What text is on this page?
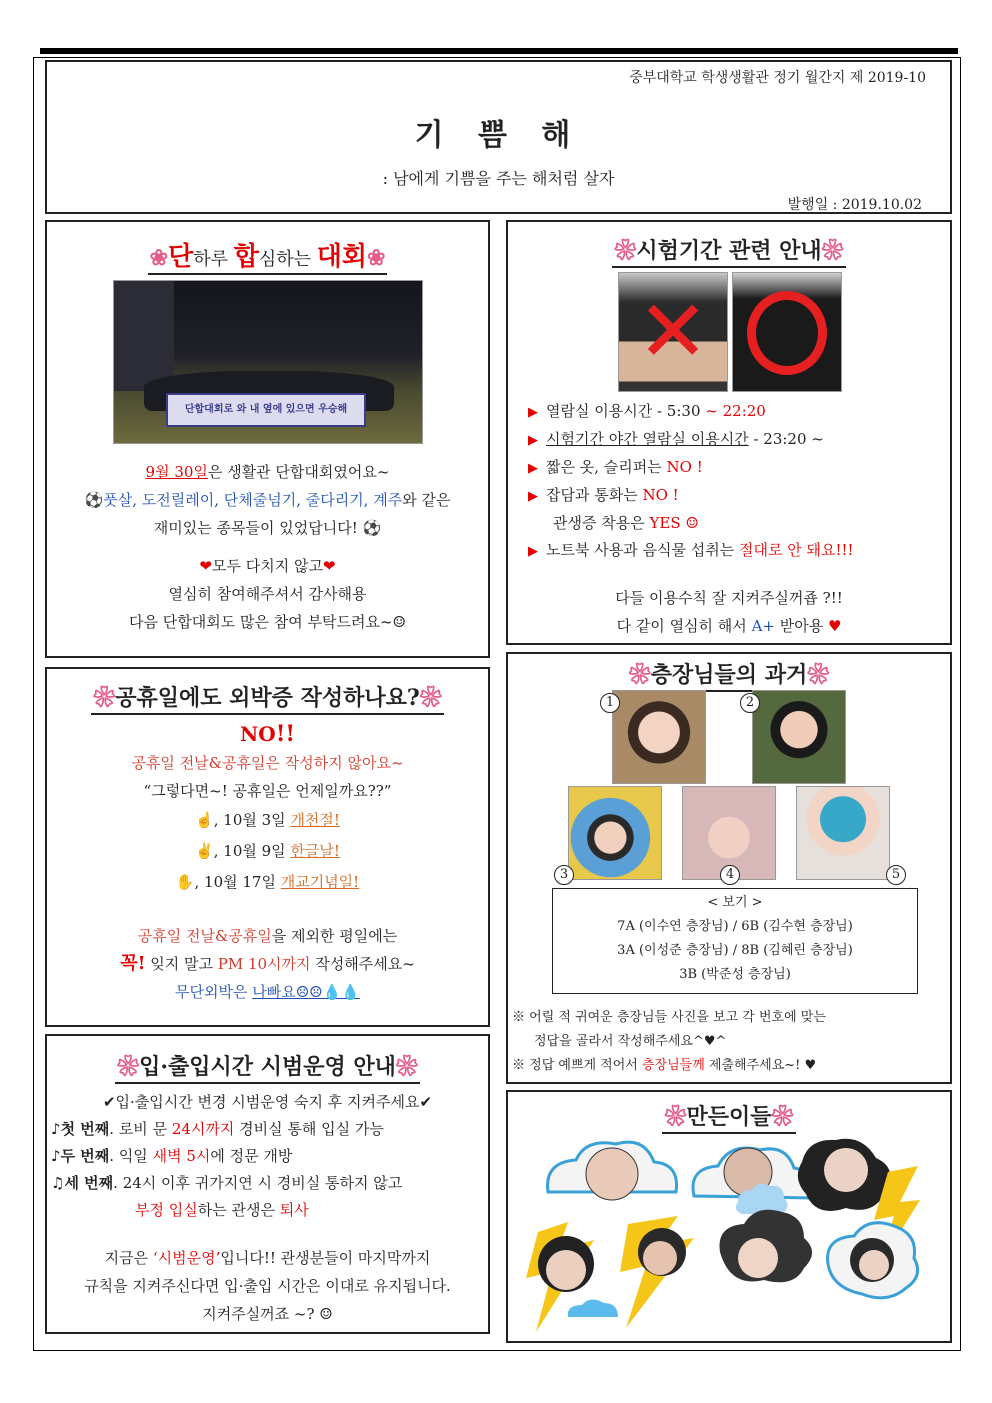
중부대학교 학생생활관 정기 월간지 제 2019-10
기 쁨 해
: 남에게 기쁨을 주는 해처럼 살자
발행일 : 2019.10.02
❀단하루 합심하는 대회❀
단합대회로 와 내 옆에 있으면 우승해
9월 30일은 생활관 단합대회였어요~
⚽풋살, 도전릴레이, 단체줄넘기, 줄다리기, 계주와 같은
재미있는 종목들이 있었답니다! ⚽
❤모두 다치지 않고❤
열심히 참여해주셔서 감사해용
다음 단합대회도 많은 참여 부탁드려요~☺
❀시험기간 관련 안내❀
✕
▶ 열람실 이용시간 - 5:30 ~ 22:20
▶ 시험기간 야간 열람실 이용시간 - 23:20 ~
▶ 짧은 옷, 슬리퍼는 NO !
▶ 잡담과 통화는 NO !
관생증 착용은 YES ☺
▶ 노트북 사용과 음식물 섭취는 절대로 안 돼요!!!
다들 이용수칙 잘 지켜주실꺼죱 ?!!
다 같이 열심히 해서 A+ 받아용 ♥
❀공휴일에도 외박증 작성하나요?❀
NO!!
공휴일 전날&공휴일은 작성하지 않아요~
“그렇다면~! 공휴일은 언제일까요??”
☝, 10월 3일 개천절!
✌, 10월 9일 한글날!
✋, 10월 17일 개교기념일!
공휴일 전날&공휴일을 제외한 평일에는
꼭! 잊지 말고 PM 10시까지 작성해주세요~
무단외박은 나빠요☹☹💧💧
❀층장님들의 과거❀
1	2
3	4	5
< 보기 >
7A (이수연 층장님) / 6B (김수현 층장님)
3A (이성준 층장님) / 8B (김혜린 층장님)
3B (박준성 층장님)
※ 어릴 적 귀여운 층장님들 사진을 보고 각 번호에 맞는
정답을 골라서 작성해주세요^♥^
※ 정답 예쁘게 적어서 층장님들께 제출해주세요~! ♥
❀입·출입시간 시범운영 안내❀
✔입·출입시간 변경 시범운영 숙지 후 지켜주세요✔
♪첫 번째. 로비 문 24시까지 경비실 통해 입실 가능
♪두 번째. 익일 새벽 5시에 정문 개방
♫세 번째. 24시 이후 귀가지연 시 경비실 통하지 않고
부정 입실하는 관생은 퇴사
지금은 ‘시범운영’입니다!! 관생분들이 마지막까지
규칙을 지켜주신다면 입·출입 시간은 이대로 유지됩니다.
지켜주실꺼죠 ~? ☺
❀만든이들❀
